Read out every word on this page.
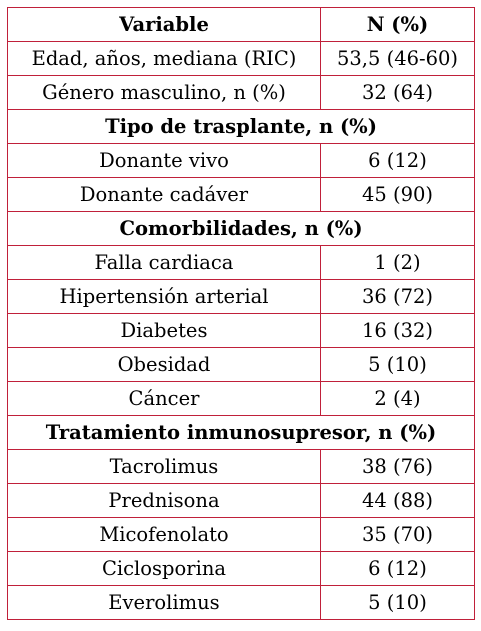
Variable	N (%)
Edad, años, mediana (RIC)	53,5 (46-60)
Género masculino, n (%)	32 (64)
Tipo de trasplante, n (%)	
Donante vivo	6 (12)
Donante cadáver	45 (90)
Comorbilidades, n (%)	
Falla cardiaca	1 (2)
Hipertensión arterial	36 (72)
Diabetes	16 (32)
Obesidad	5 (10)
Cáncer	2 (4)
Tratamiento inmunosupresor, n (%)	
Tacrolimus	38 (76)
Prednisona	44 (88)
Micofenolato	35 (70)
Ciclosporina	6 (12)
Everolimus	5 (10)
